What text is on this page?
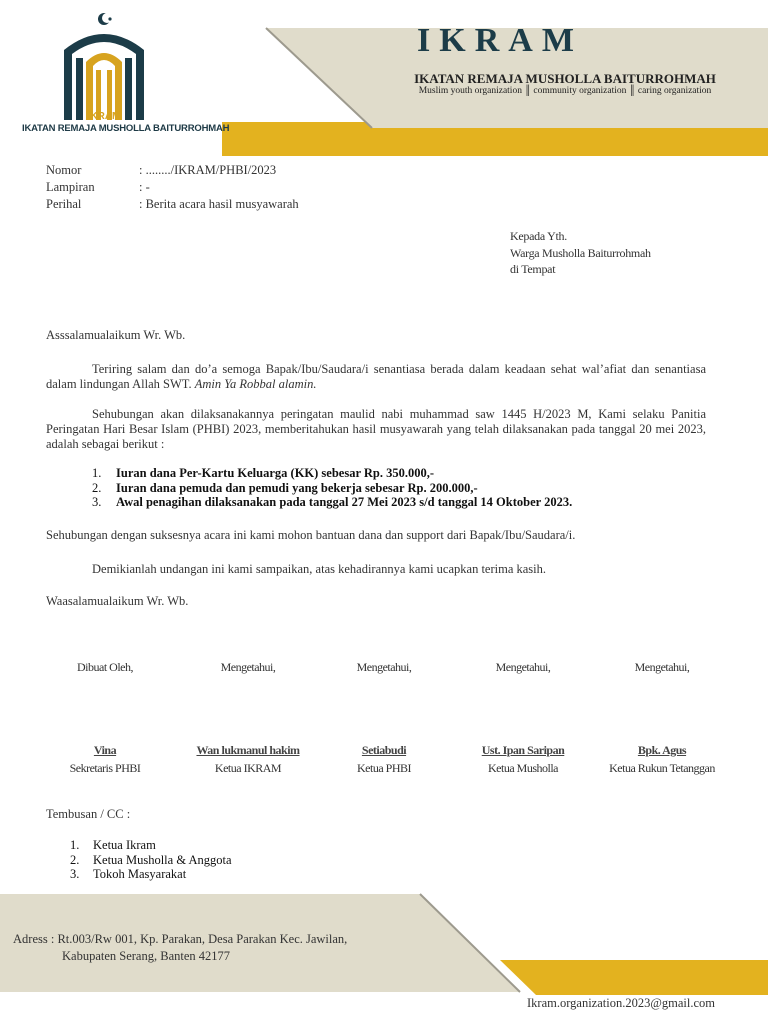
IKRAM
IKATAN REMAJA MUSHOLLA BAITURROHMAH
IKRAM
IKATAN REMAJA MUSHOLLA BAITURROHMAH
Muslim youth organization ║ community organization ║ caring organization
Nomor	: ......../IKRAM/PHBI/2023
Lampiran	: -
Perihal	: Berita acara hasil musyawarah
Kepada Yth.
Warga Musholla Baiturrohmah
di Tempat
Asssalamualaikum Wr. Wb.
Teriring salam dan do’a semoga Bapak/Ibu/Saudara/i senantiasa berada dalam keadaan sehat wal’afiat dan senantiasa dalam lindungan Allah SWT. Amin Ya Robbal alamin.
Sehubungan akan dilaksanakannya peringatan maulid nabi muhammad saw 1445 H/2023 M, Kami selaku Panitia Peringatan Hari Besar Islam (PHBI) 2023, memberitahukan hasil musyawarah yang telah dilaksanakan pada tanggal 20 mei 2023, adalah sebagai berikut :
1. Iuran dana Per-Kartu Keluarga (KK) sebesar Rp. 350.000,-
2. Iuran dana pemuda dan pemudi yang bekerja sebesar Rp. 200.000,-
3. Awal penagihan dilaksanakan pada tanggal 27 Mei 2023 s/d tanggal 14 Oktober 2023.
Sehubungan dengan suksesnya acara ini kami mohon bantuan dana dan support dari Bapak/Ibu/Saudara/i.
Demikianlah undangan ini kami sampaikan, atas kehadirannya kami ucapkan terima kasih.
Waasalamualaikum Wr. Wb.
Dibuat Oleh,
Vina
Sekretaris PHBI
Mengetahui,
Wan lukmanul hakim
Ketua IKRAM
Mengetahui,
Setiabudi
Ketua PHBI
Mengetahui,
Ust. Ipan Saripan
Ketua Musholla
Mengetahui,
Bpk. Agus
Ketua Rukun Tetanggan
Tembusan / CC :
1. Ketua Ikram
2. Ketua Musholla & Anggota
3. Tokoh Masyarakat
Adress : Rt.003/Rw 001, Kp. Parakan, Desa Parakan Kec. Jawilan,
Kabupaten Serang, Banten 42177
Ikram.organization.2023@gmail.com
